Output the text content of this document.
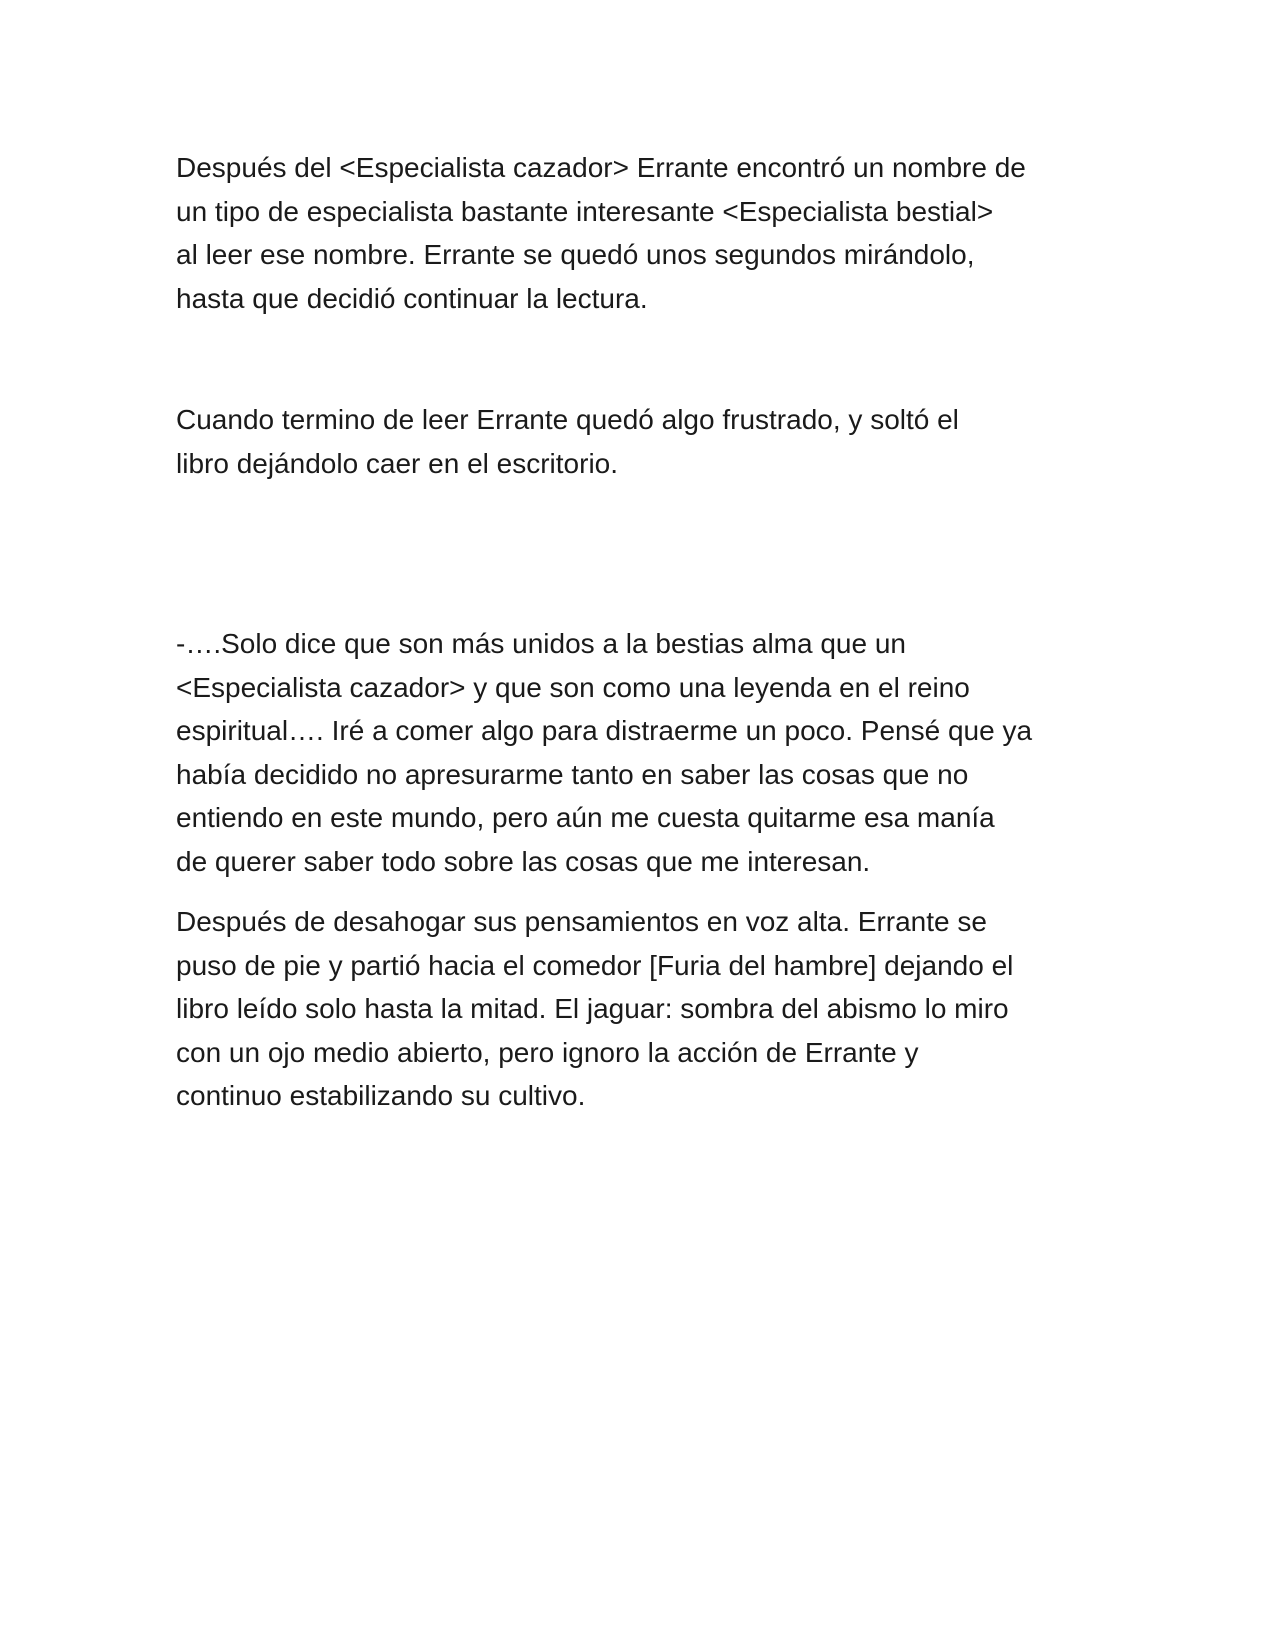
Después del <Especialista cazador> Errante encontró un nombre de
un tipo de especialista bastante interesante <Especialista bestial>
al leer ese nombre. Errante se quedó unos segundos mirándolo,
hasta que decidió continuar la lectura.
Cuando termino de leer Errante quedó algo frustrado, y soltó el
libro dejándolo caer en el escritorio.
-….Solo dice que son más unidos a la bestias alma que un
<Especialista cazador> y que son como una leyenda en el reino
espiritual…. Iré a comer algo para distraerme un poco. Pensé que ya
había decidido no apresurarme tanto en saber las cosas que no
entiendo en este mundo, pero aún me cuesta quitarme esa manía
de querer saber todo sobre las cosas que me interesan.
Después de desahogar sus pensamientos en voz alta. Errante se
puso de pie y partió hacia el comedor [Furia del hambre] dejando el
libro leído solo hasta la mitad. El jaguar: sombra del abismo lo miro
con un ojo medio abierto, pero ignoro la acción de Errante y
continuo estabilizando su cultivo.
